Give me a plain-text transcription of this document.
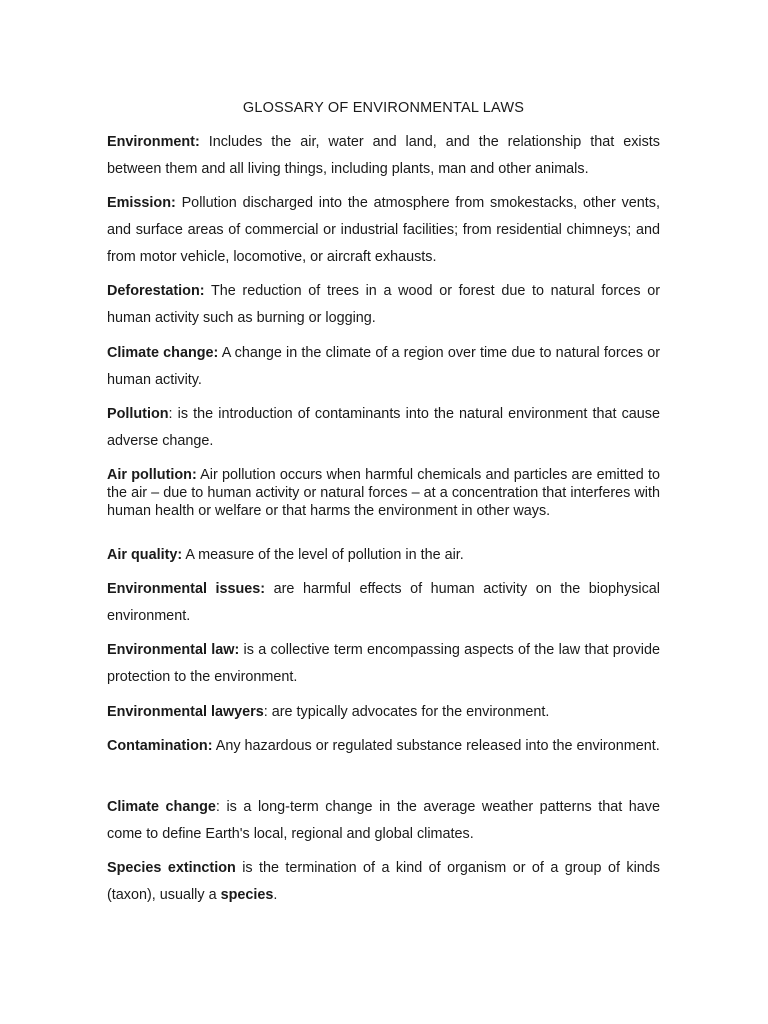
GLOSSARY OF ENVIRONMENTAL LAWS

Environment: Includes the air, water and land, and the relationship that exists between them and all living things, including plants, man and other animals.

Emission: Pollution discharged into the atmosphere from smokestacks, other vents, and surface areas of commercial or industrial facilities; from residential chimneys; and from motor vehicle, locomotive, or aircraft exhausts.

Deforestation: The reduction of trees in a wood or forest due to natural forces or human activity such as burning or logging.

Climate change: A change in the climate of a region over time due to natural forces or human activity.

Pollution: is the introduction of contaminants into the natural environment that cause adverse change.

Air pollution: Air pollution occurs when harmful chemicals and particles are emitted to the air – due to human activity or natural forces – at a concentration that interferes with human health or welfare or that harms the environment in other ways.

Air quality: A measure of the level of pollution in the air.

Environmental issues: are harmful effects of human activity on the biophysical environment.

Environmental law: is a collective term encompassing aspects of the law that provide protection to the environment.

Environmental lawyers: are typically advocates for the environment.

Contamination: Any hazardous or regulated substance released into the environment.

Climate change: is a long-term change in the average weather patterns that have come to define Earth's local, regional and global climates.

Species extinction is the termination of a kind of organism or of a group of kinds (taxon), usually a species.
